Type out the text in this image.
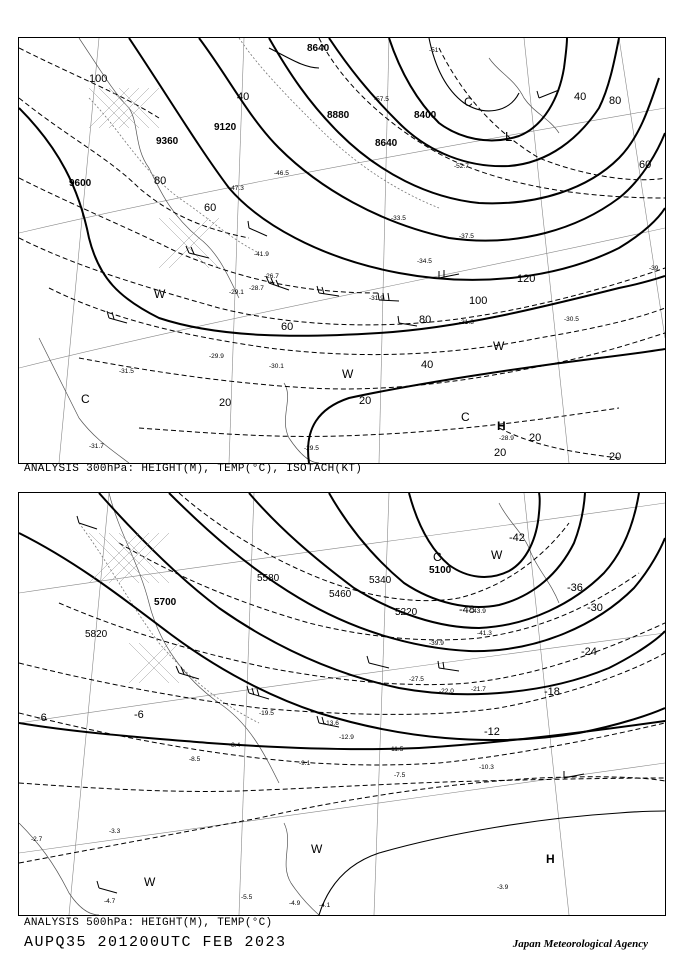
9600
9120
8880
8640
8400
9360
8640
100
80
60
40
20	20
20
20
20
40
60
80
100
120
40
60
80
C
C
C
L
W
W
W
H
-30.5
-31.3
-31.9
-29.9
-31.5
-29.5
-28.9
-30.1
-31.7
-28.7
-29.1
-26.7
-39
-51
-52.7
-57.5
-46.5
-47.3
-41.9
-34.5
-33.5
-37.5
ANALYSIS 300hPa: HEIGHT(M), TEMP(°C), ISOTACH(KT)
5700
5820
5580
5460
5340
5100
5220
-6	-6
-12
-18
-24
-30
-36
-42
-48
C	W
W
W
H
-7.5
-8.5
-10.3
-11.5
-13.6
-19.5
-21.7
-22.0
-27.5
-39.9
-41.3
-43.9
-3.9
-3.3
-2.7
-4.7
-5.5
-4.9	-4.1
-8.4
-9.1
-12.9
ANALYSIS 500hPa: HEIGHT(M), TEMP(°C)
AUPQ35 201200UTC FEB 2023	Japan Meteorological Agency
